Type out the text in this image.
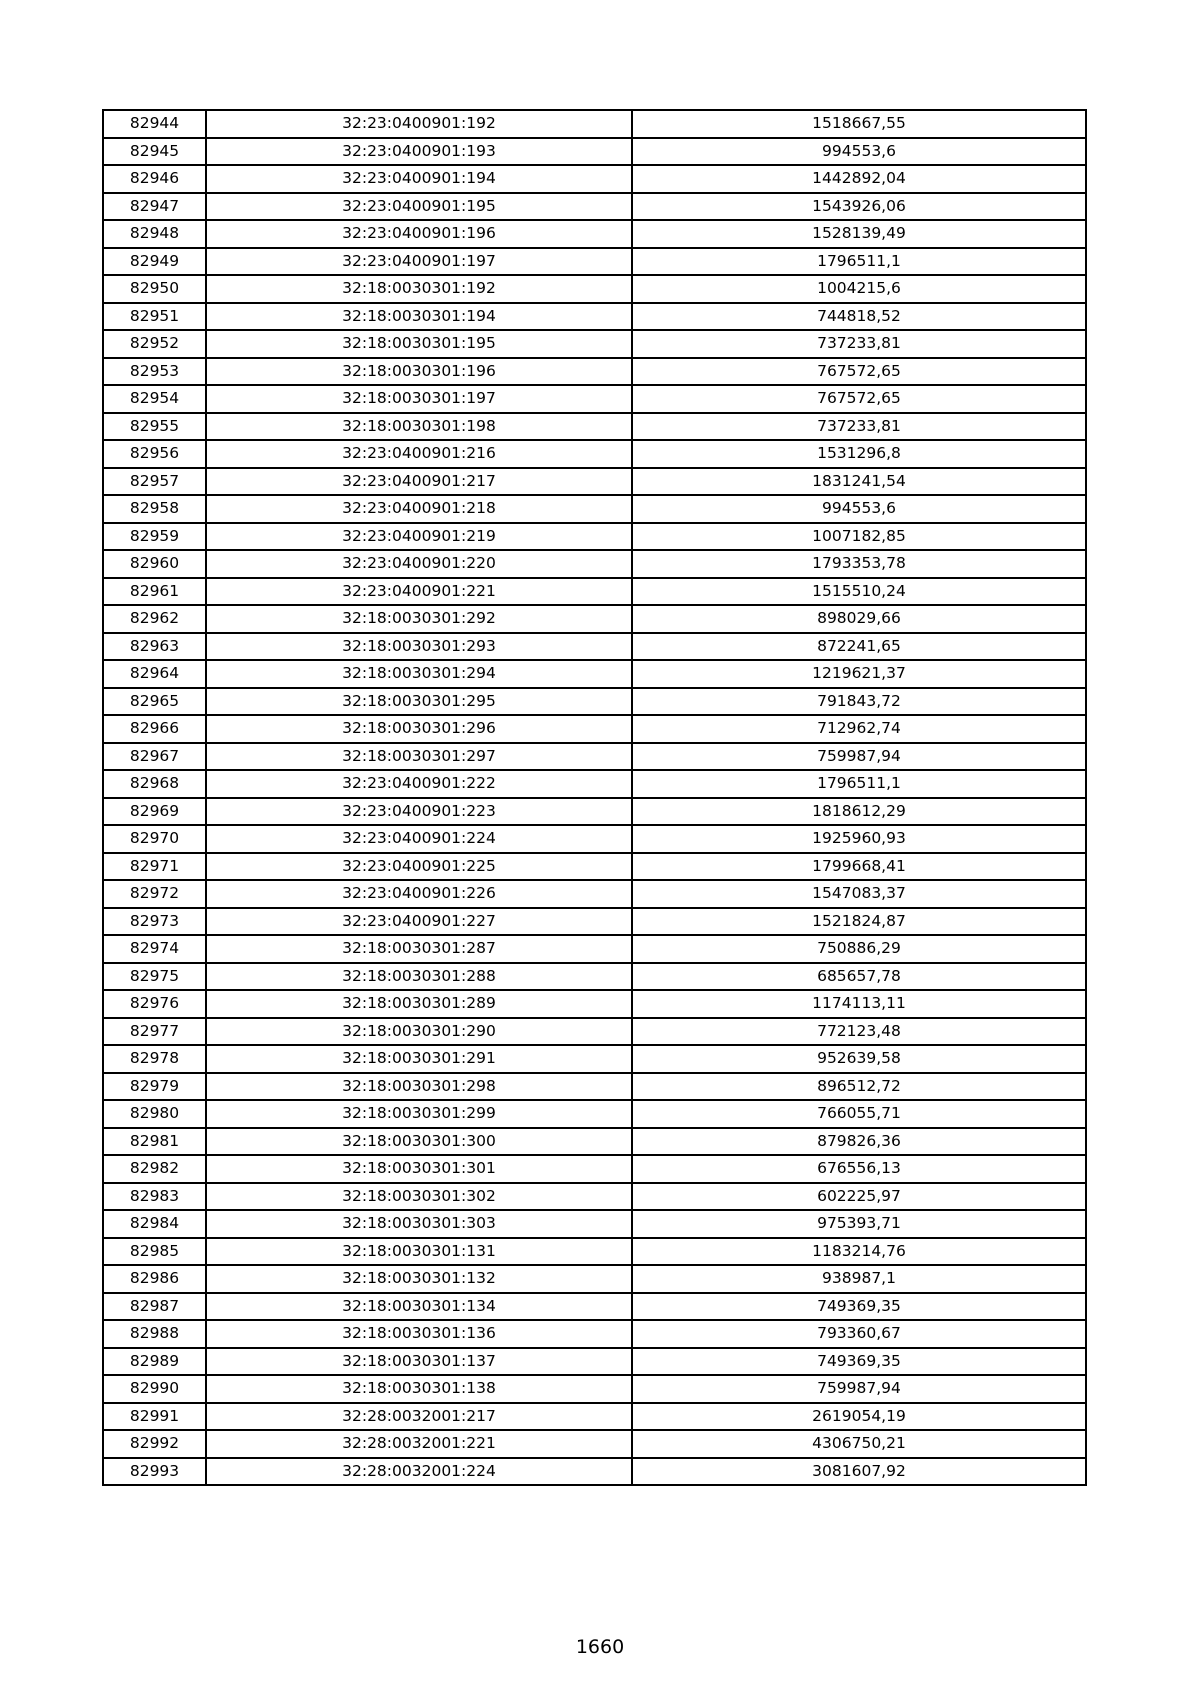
82944	32:23:0400901:192	1518667,55
82945	32:23:0400901:193	994553,6
82946	32:23:0400901:194	1442892,04
82947	32:23:0400901:195	1543926,06
82948	32:23:0400901:196	1528139,49
82949	32:23:0400901:197	1796511,1
82950	32:18:0030301:192	1004215,6
82951	32:18:0030301:194	744818,52
82952	32:18:0030301:195	737233,81
82953	32:18:0030301:196	767572,65
82954	32:18:0030301:197	767572,65
82955	32:18:0030301:198	737233,81
82956	32:23:0400901:216	1531296,8
82957	32:23:0400901:217	1831241,54
82958	32:23:0400901:218	994553,6
82959	32:23:0400901:219	1007182,85
82960	32:23:0400901:220	1793353,78
82961	32:23:0400901:221	1515510,24
82962	32:18:0030301:292	898029,66
82963	32:18:0030301:293	872241,65
82964	32:18:0030301:294	1219621,37
82965	32:18:0030301:295	791843,72
82966	32:18:0030301:296	712962,74
82967	32:18:0030301:297	759987,94
82968	32:23:0400901:222	1796511,1
82969	32:23:0400901:223	1818612,29
82970	32:23:0400901:224	1925960,93
82971	32:23:0400901:225	1799668,41
82972	32:23:0400901:226	1547083,37
82973	32:23:0400901:227	1521824,87
82974	32:18:0030301:287	750886,29
82975	32:18:0030301:288	685657,78
82976	32:18:0030301:289	1174113,11
82977	32:18:0030301:290	772123,48
82978	32:18:0030301:291	952639,58
82979	32:18:0030301:298	896512,72
82980	32:18:0030301:299	766055,71
82981	32:18:0030301:300	879826,36
82982	32:18:0030301:301	676556,13
82983	32:18:0030301:302	602225,97
82984	32:18:0030301:303	975393,71
82985	32:18:0030301:131	1183214,76
82986	32:18:0030301:132	938987,1
82987	32:18:0030301:134	749369,35
82988	32:18:0030301:136	793360,67
82989	32:18:0030301:137	749369,35
82990	32:18:0030301:138	759987,94
82991	32:28:0032001:217	2619054,19
82992	32:28:0032001:221	4306750,21
82993	32:28:0032001:224	3081607,92
1660
